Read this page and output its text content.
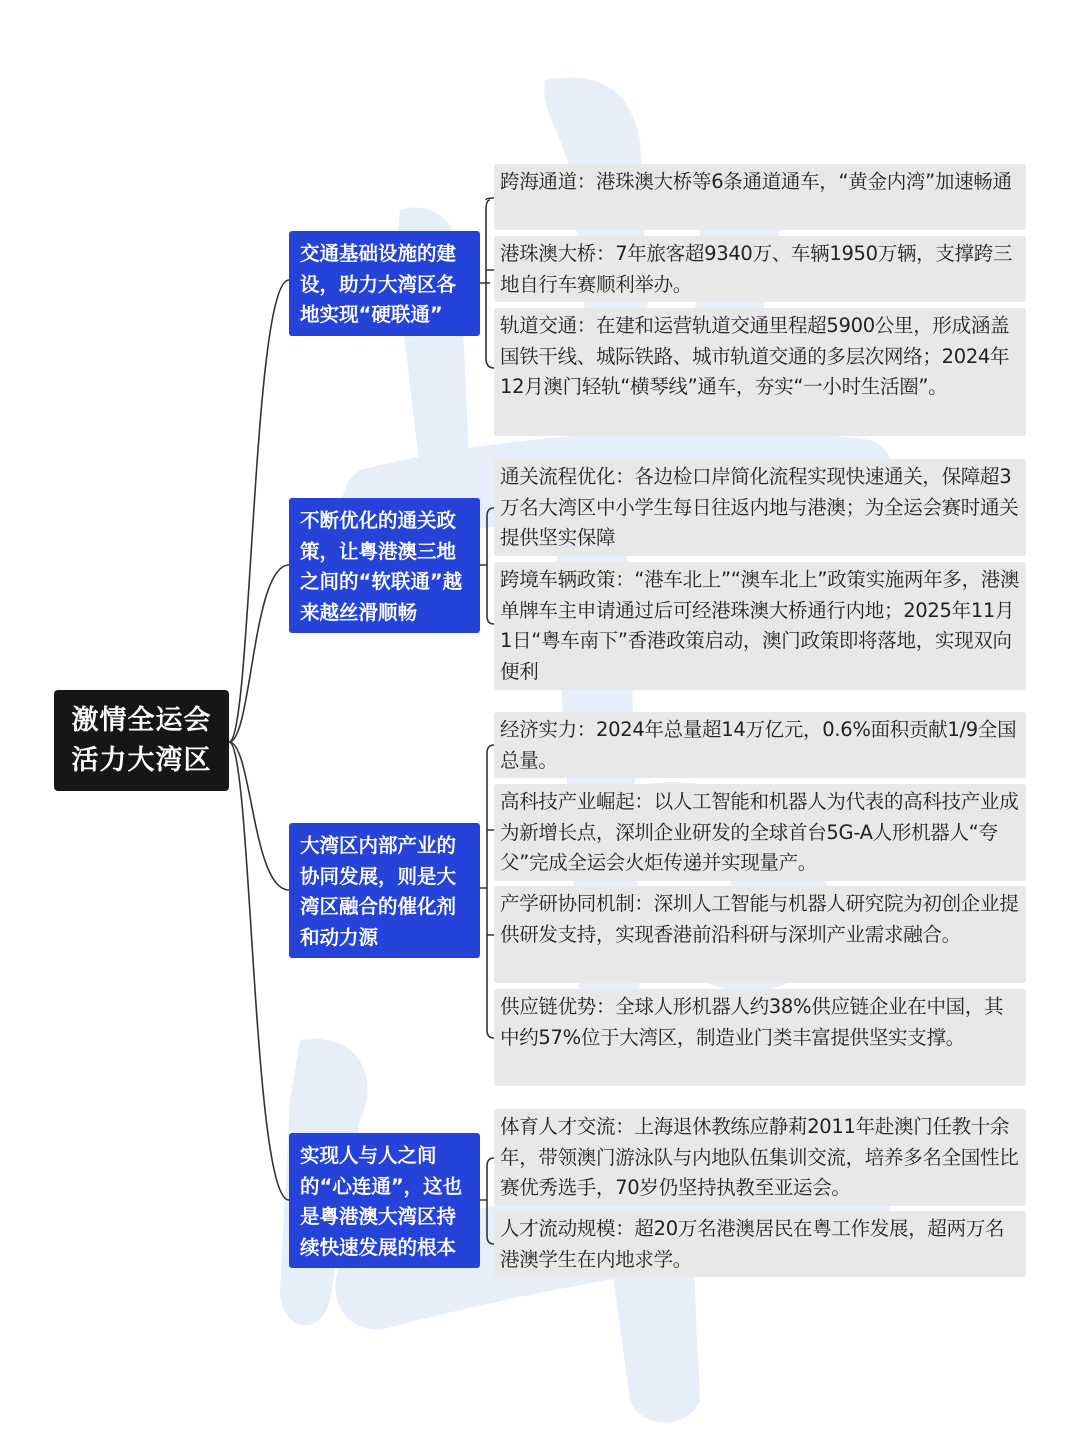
激情全运会
活力大湾区
交通基础设施的建设，助力大湾区各地实现“硬联通”
不断优化的通关政策，让粤港澳三地之间的“软联通”越来越丝滑顺畅
大湾区内部产业的协同发展，则是大湾区融合的催化剂和动力源
实现人与人之间的“心连通”，这也是粤港澳大湾区持续快速发展的根本
跨海通道：港珠澳大桥等6条通道通车，“黄金内湾”加速畅通
港珠澳大桥：7年旅客超9340万、车辆1950万辆，支撑跨三地自行车赛顺利举办。
轨道交通：在建和运营轨道交通里程超5900公里，形成涵盖国铁干线、城际铁路、城市轨道交通的多层次网络；2024年12月澳门轻轨“横琴线”通车，夯实“一小时生活圈”。
通关流程优化：各边检口岸简化流程实现快速通关，保障超3万名大湾区中小学生每日往返内地与港澳；为全运会赛时通关提供坚实保障
跨境车辆政策：“港车北上”“澳车北上”政策实施两年多，港澳单牌车主申请通过后可经港珠澳大桥通行内地；2025年11月1日“粤车南下”香港政策启动，澳门政策即将落地，实现双向便利
经济实力：2024年总量超14万亿元，0.6%面积贡献1/9全国总量。
高科技产业崛起：以人工智能和机器人为代表的高科技产业成为新增长点，深圳企业研发的全球首台5G-A人形机器人“夸父”完成全运会火炬传递并实现量产。
产学研协同机制：深圳人工智能与机器人研究院为初创企业提供研发支持，实现香港前沿科研与深圳产业需求融合。
供应链优势：全球人形机器人约38%供应链企业在中国，其中约57%位于大湾区，制造业门类丰富提供坚实支撑。
体育人才交流：上海退休教练应静莉2011年赴澳门任教十余年，带领澳门游泳队与内地队伍集训交流，培养多名全国性比赛优秀选手，70岁仍坚持执教至亚运会。
人才流动规模：超20万名港澳居民在粤工作发展，超两万名港澳学生在内地求学。
